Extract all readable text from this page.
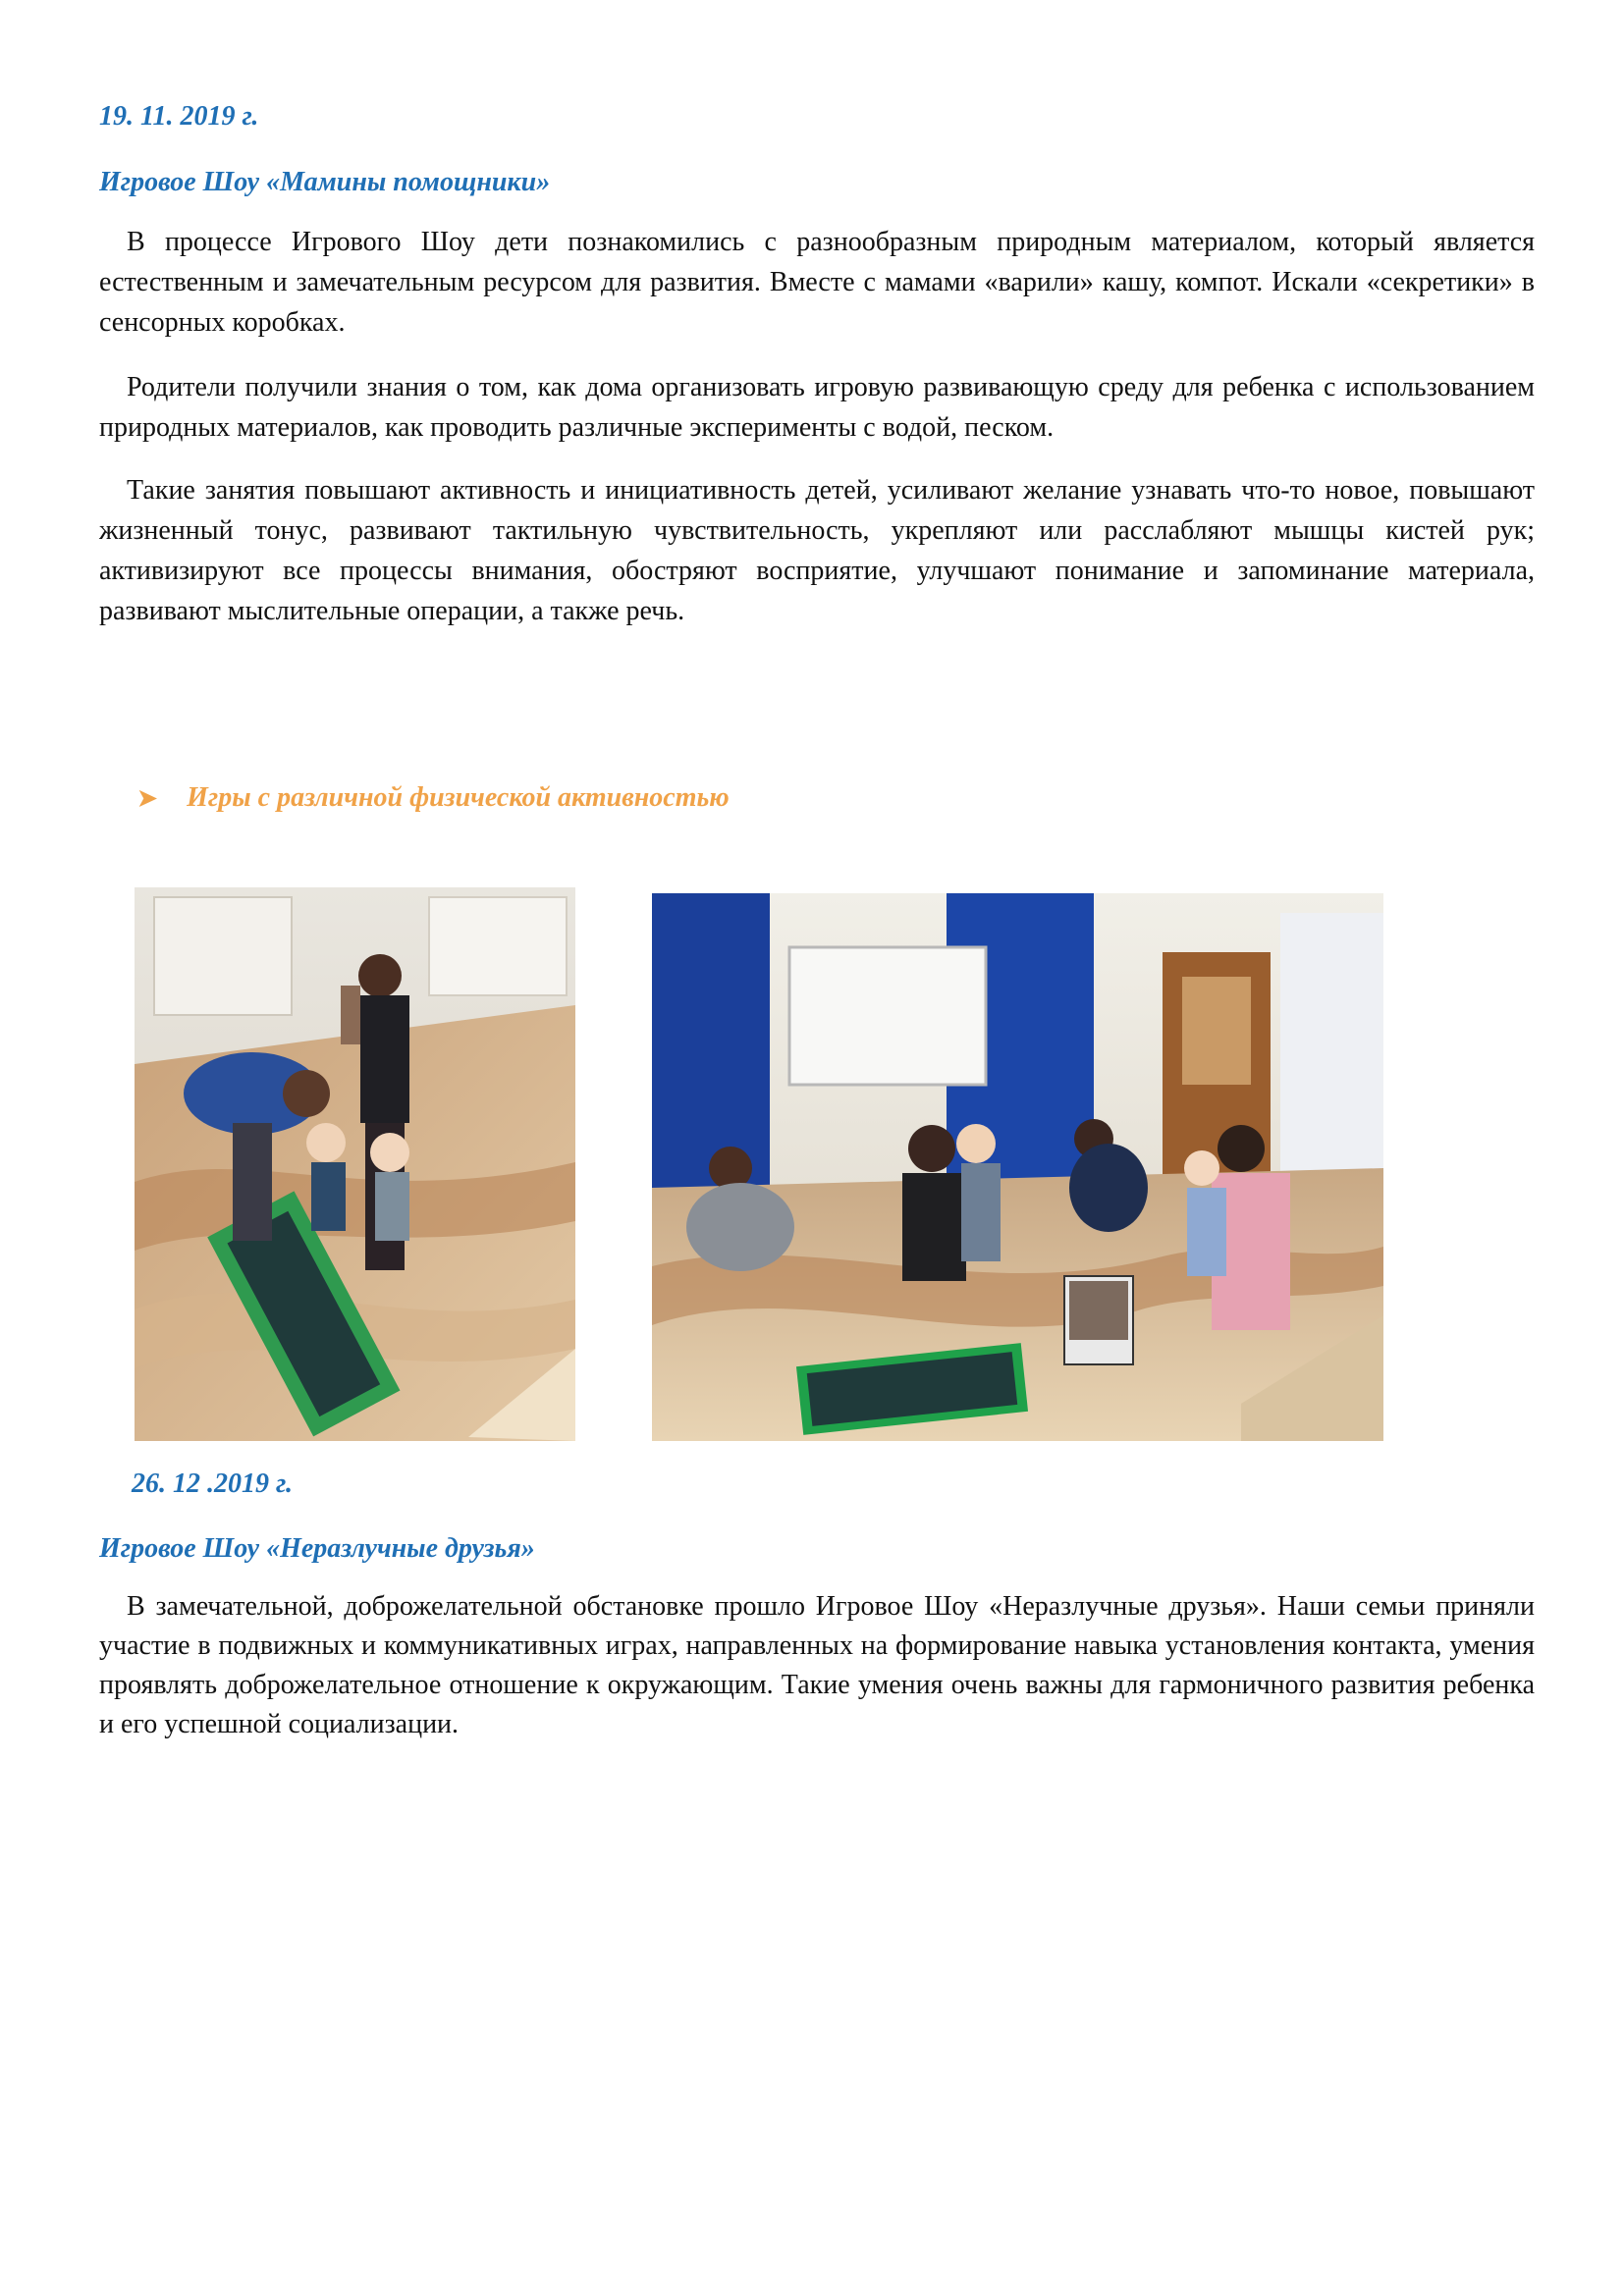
19. 11. 2019 г.

Игровое Шоу «Мамины помощники»

В процессе Игрового Шоу дети познакомились с разнообразным природным материалом, который является естественным и замечательным ресурсом для развития. Вместе с мамами «варили» кашу, компот. Искали «секретики» в сенсорных коробках.

Родители получили знания о том, как дома организовать игровую развивающую среду для ребенка с использованием природных материалов, как проводить различные эксперименты с водой, песком.

Такие занятия повышают активность и инициативность детей, усиливают желание узнавать что-то новое, повышают жизненный тонус, развивают тактильную чувствительность, укрепляют или расслабляют мышцы кистей рук; активизируют все процессы внимания, обостряют восприятие, улучшают понимание и запоминание материала, развивают мыслительные операции, а также речь.

➤ Игры с различной физической активностью

26. 12 .2019 г.

Игровое Шоу «Неразлучные друзья»

В замечательной, доброжелательной обстановке прошло Игровое Шоу «Неразлучные друзья». Наши семьи приняли участие в подвижных и коммуникативных играх, направленных на формирование навыка установления контакта, умения проявлять доброжелательное отношение к окружающим. Такие умения очень важны для гармоничного развития ребенка и его успешной социализации.
